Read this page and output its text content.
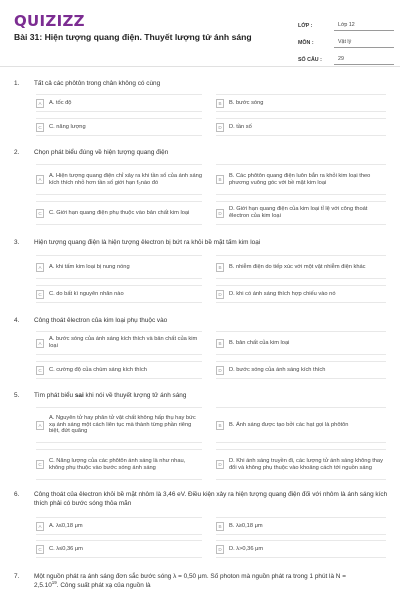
QUIZIZZ
Bài 31: Hiện tượng quang điện. Thuyết lượng tử ánh sáng
LỚP :	Lớp 12
MÔN :	Vật lý
SỐ CÂU :	29
1. Tất cả các phôtôn trong chân không có cùng
A	A. tốc độ	B	B. bước sóng
C	C. năng lượng	D	D. tần số
2. Chọn phát biểu đúng về hiện tượng quang điện
A
A. Hiện tượng quang điện chỉ xảy ra khi tần số của ánh sáng kích thích nhỏ hơn tần số giới hạn f₀nào đó	B
B. Các phôtôn quang điện luôn bắn ra khỏi kim loại theo phương vuông góc với bề mặt kim loại
C	C. Giới hạn quang điện phụ thuộc vào bản chất kim loại	D
D. Giới hạn quang điện của kim loại tỉ lệ với công thoát êlectron của kim loại
3. Hiện tượng quang điện là hiện tượng êlectron bị bứt ra khỏi bề mặt tấm kim loại
A	A. khi tấm kim loại bị nung nóng	B	B. nhiễm điện do tiếp xúc với một vật nhiễm điện khác
C	C. do bất kì nguyên nhân nào	D	D. khi có ánh sáng thích hợp chiếu vào nó
4. Công thoát êlectron của kim loại phụ thuộc vào
A
A. bước sóng của ánh sáng kích thích và bản chất của kim loại	B	B. bản chất của kim loại
C	C. cường độ của chùm sáng kích thích	D	D. bước sóng của ánh sáng kích thích
5. Tìm phát biểu sai khi nói về thuyết lượng tử ánh sáng
A
A. Nguyên tử hay phân tử vật chất không hấp thụ hay bức xạ ánh sáng một cách liên tục mà thành từng phần riêng biệt, đứt quãng
B	B. Ánh sáng được tạo bởi các hạt gọi là phôtôn
C
C. Năng lượng của các phôtôn ánh sáng là như nhau, không phụ thuộc vào bước sóng ánh sáng	D
D. Khi ánh sáng truyền đi, các lượng tử ánh sáng không thay đổi và không phụ thuộc vào khoảng cách tới nguồn sáng
6. Công thoát của êlectron khỏi bề mặt nhôm là 3,46 eV. Điều kiện xảy ra hiện tượng quang điện đối với nhôm là ánh sáng kích thích phải có bước sóng thỏa mãn
A	A. λ≤0,18 μm	B	B. λ≥0,18 μm
C	C. λ≤0,36 μm	D	D. λ>0,36 μm
7. Một nguồn phát ra ánh sáng đơn sắc bước sóng λ = 0,50 μm. Số photon mà nguồn phát ra trong 1 phút là N =
$2,5.10^{19}$. Công suất phát xạ của nguồn là
